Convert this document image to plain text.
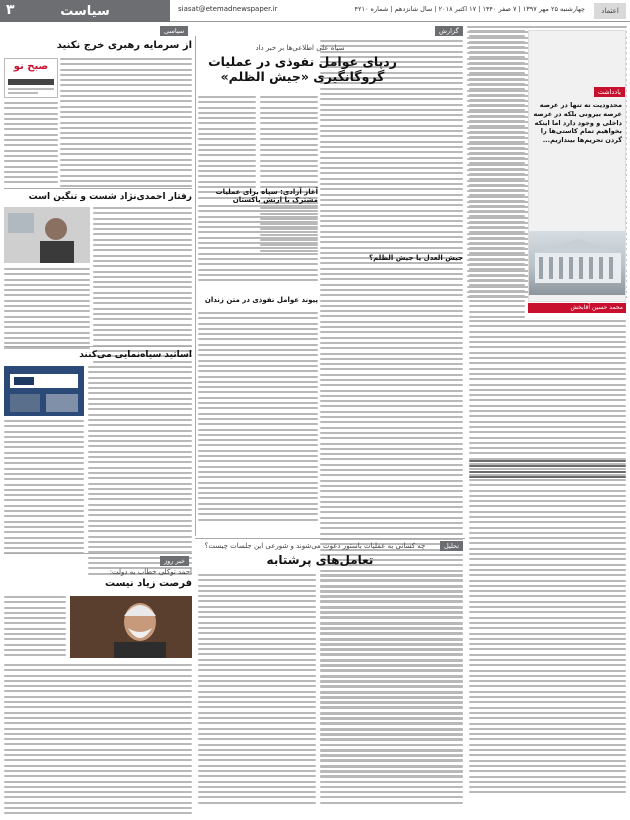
سیاست
۳	siasat@etemadnewspaper.ir	چهارشنبه ۲۵ مهر ۱۳۹۷ | ۷ صفر ۱۴۴۰ | ۱۷ اکتبر ۲۰۱۸ | سال شانزدهم | شماره ۴۲۱۰	اعتماد
یادداشت
محدودیت نه تنها در عرصه عرصه بیرونی بلکه در عرصه داخلی و وجود دارد اما اینکه بخواهیم تمام کاستی‌ها را گردن تحریم‌ها بیندازیم...
محمد حسین آقابخش
گزارش
سیاه علی اطلاعی‌ها بر خبر داد
ردپای عوامل نفوذی در عملیات گروگانگیری «جیش الظلم»
جیش العدل یا جیش الظلم؟
آغاز آزادی: سپاه برای عملیات مشترک با ارتش پاکستان
پیوند عوامل نفوذی در متن زندان
تحلیل
چه کسانی به عملیات باستور دعوت می‌شوند و شورعی این جلسات چیست؟
تعامل‌های پرشتابه
سیاسی
از سرمایه رهبری خرج نکنید
صبح نو
رفتار احمدی‌نژاد شست و تنگین است
اساتید سیاه‌نمایی می‌کنند
خبر روز
احمد توکلی خطاب به دولت:
فرصت زیاد نیست
